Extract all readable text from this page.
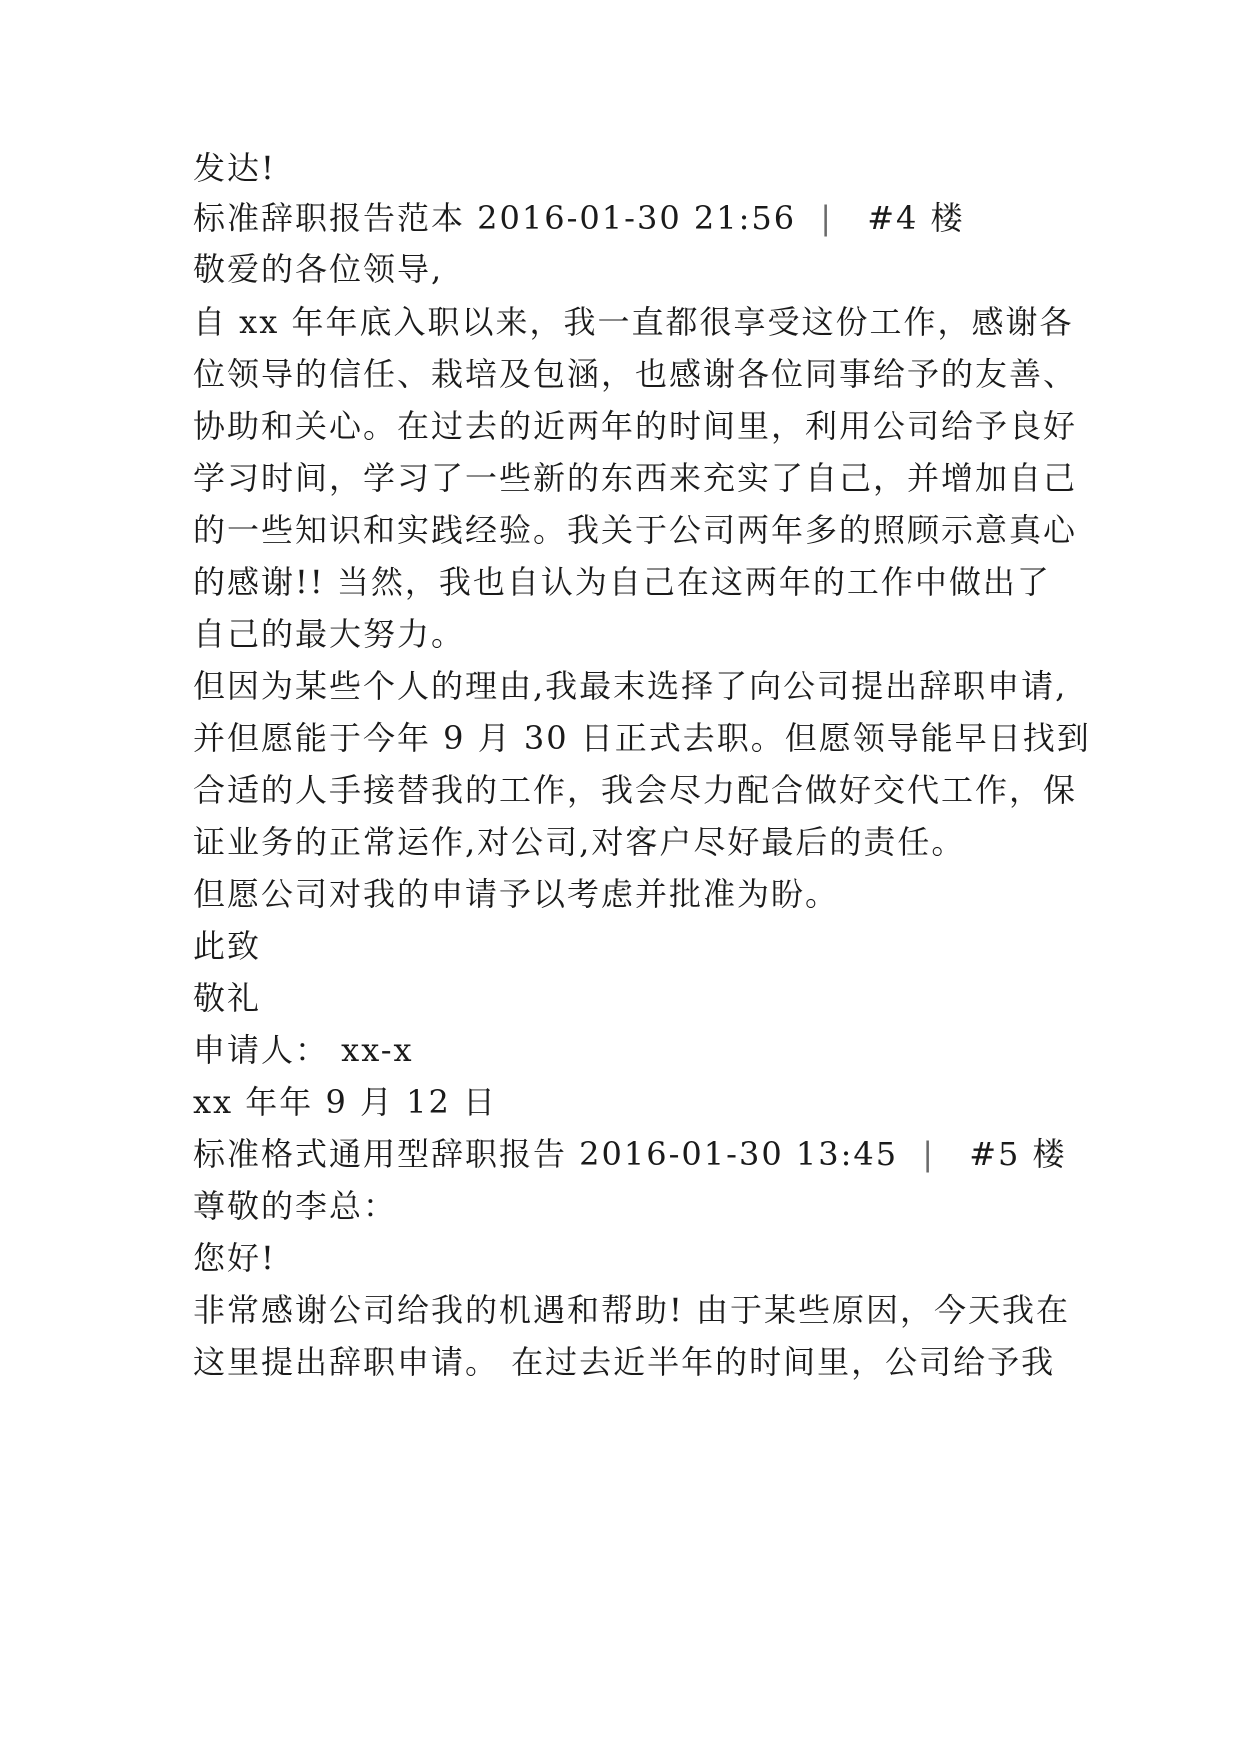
发达!
标准辞职报告范本 2016-01-30 21:56 | #4 楼
敬爱的各位领导,
自 xx 年年底入职以来，我一直都很享受这份工作，感谢各
位领导的信任、栽培及包涵，也感谢各位同事给予的友善、
协助和关心。在过去的近两年的时间里，利用公司给予良好
学习时间，学习了一些新的东西来充实了自己，并增加自己
的一些知识和实践经验。我关于公司两年多的照顾示意真心
的感谢!! 当然，我也自认为自己在这两年的工作中做出了
自己的最大努力。
但因为某些个人的理由,我最末选择了向公司提出辞职申请,
并但愿能于今年 9 月 30 日正式去职。但愿领导能早日找到
合适的人手接替我的工作，我会尽力配合做好交代工作，保
证业务的正常运作,对公司,对客户尽好最后的责任。
但愿公司对我的申请予以考虑并批准为盼。
此致
敬礼
申请人： xx-x
xx 年年 9 月 12 日
标准格式通用型辞职报告 2016-01-30 13:45 | #5 楼
尊敬的李总：
您好!
非常感谢公司给我的机遇和帮助! 由于某些原因，今天我在
这里提出辞职申请。 在过去近半年的时间里，公司给予我
